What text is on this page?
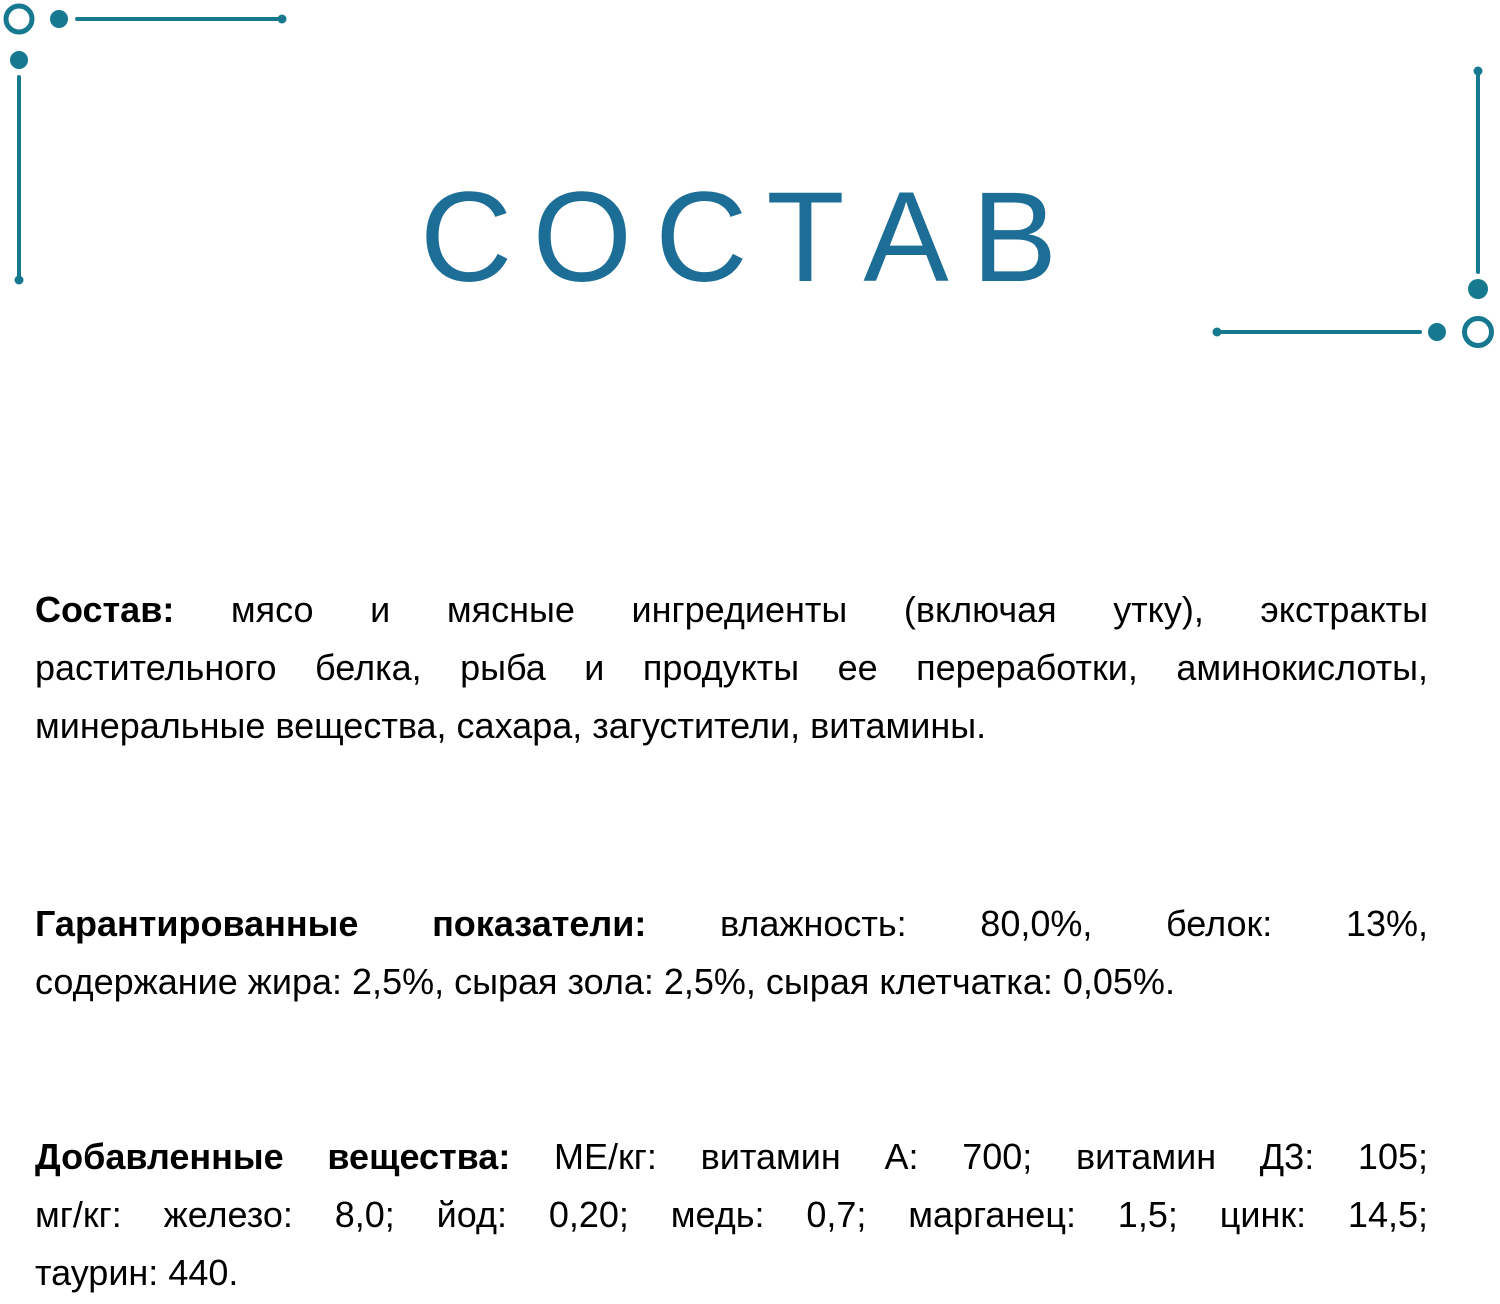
СОСТАВ
Состав: мясо и мясные ингредиенты (включая утку), экстракты
растительного белка, рыба и продукты ее переработки, аминокислоты,
минеральные вещества, сахара, загустители, витамины.
Гарантированные показатели: влажность: 80,0%, белок: 13%,
содержание жира: 2,5%, сырая зола: 2,5%, сырая клетчатка: 0,05%.
Добавленные вещества: МЕ/кг: витамин А: 700; витамин Д3: 105;
мг/кг: железо: 8,0; йод: 0,20; медь: 0,7; марганец: 1,5; цинк: 14,5;
таурин: 440.
